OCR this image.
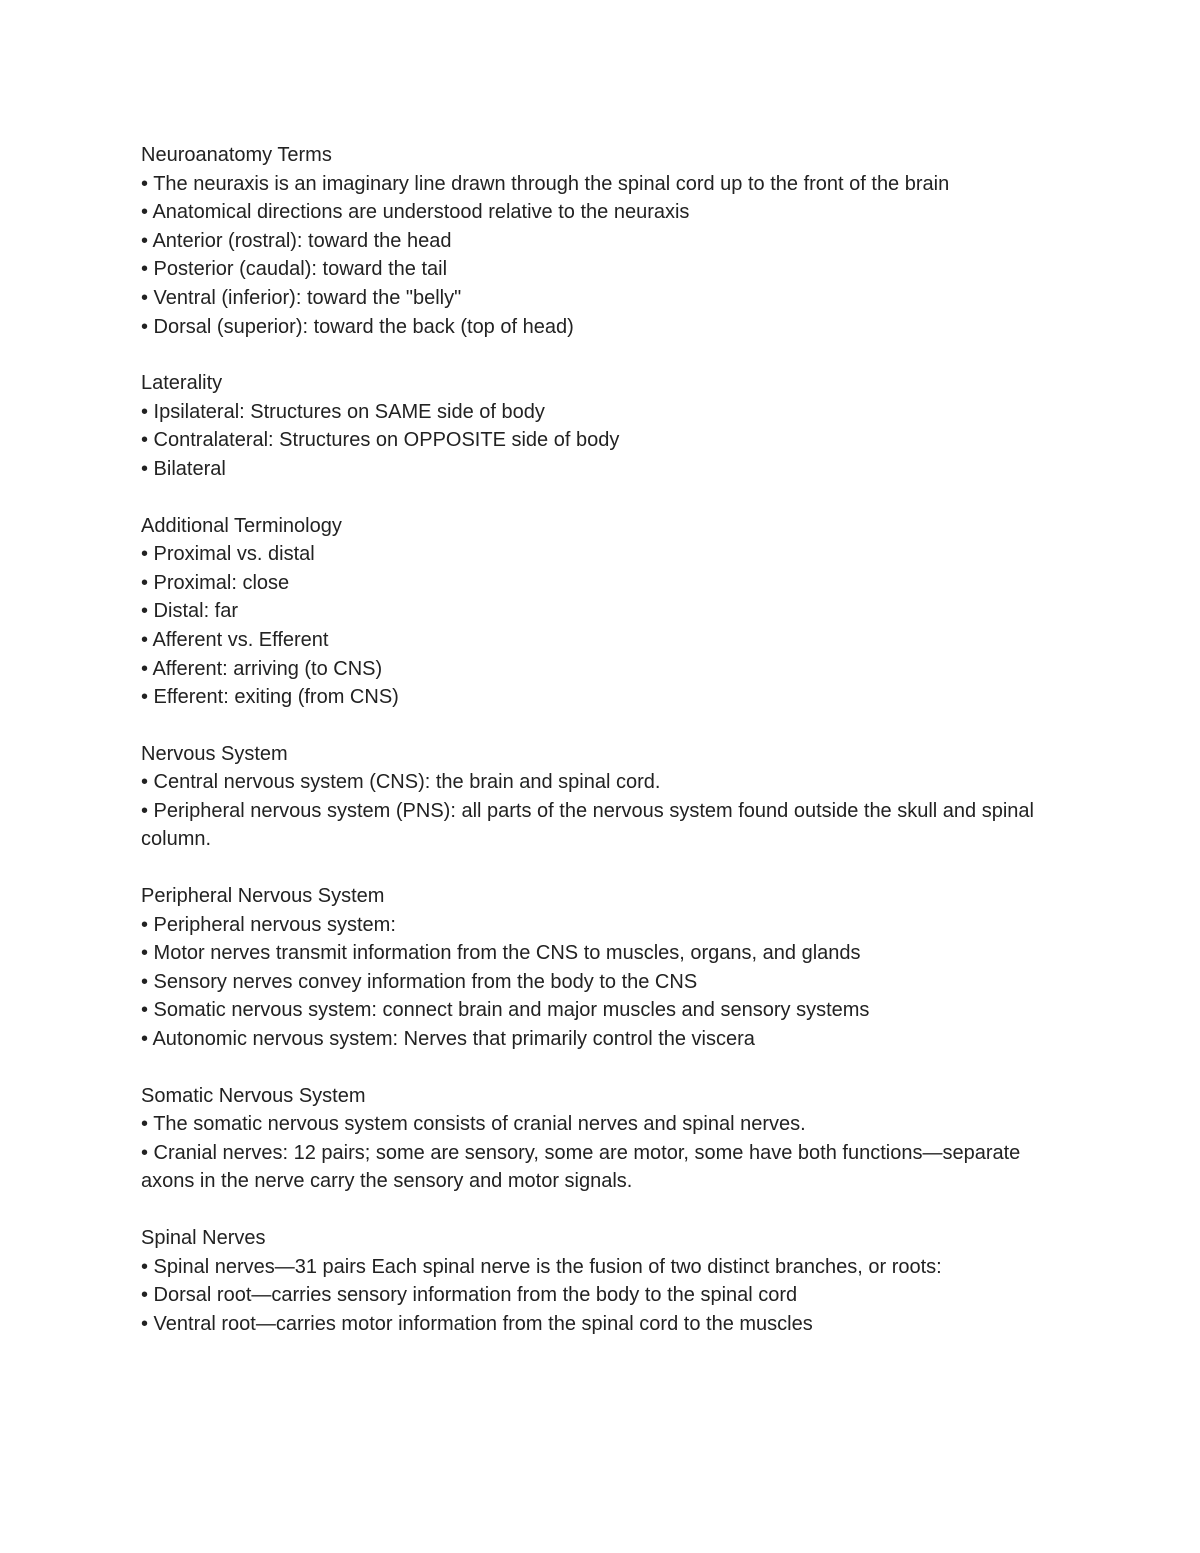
Neuroanatomy Terms
• The neuraxis is an imaginary line drawn through the spinal cord up to the front of the brain
• Anatomical directions are understood relative to the neuraxis
• Anterior (rostral): toward the head
• Posterior (caudal): toward the tail
• Ventral (inferior): toward the "belly"
• Dorsal (superior): toward the back (top of head)
Laterality
• Ipsilateral: Structures on SAME side of body
• Contralateral: Structures on OPPOSITE side of body
• Bilateral
Additional Terminology
• Proximal vs. distal
• Proximal: close
• Distal: far
• Afferent vs. Efferent
• Afferent: arriving (to CNS)
• Efferent: exiting (from CNS)
Nervous System
• Central nervous system (CNS): the brain and spinal cord.
• Peripheral nervous system (PNS): all parts of the nervous system found outside the skull and spinal column.
Peripheral Nervous System
• Peripheral nervous system:
• Motor nerves transmit information from the CNS to muscles, organs, and glands
• Sensory nerves convey information from the body to the CNS
• Somatic nervous system: connect brain and major muscles and sensory systems
• Autonomic nervous system: Nerves that primarily control the viscera
Somatic Nervous System
• The somatic nervous system consists of cranial nerves and spinal nerves.
• Cranial nerves: 12 pairs; some are sensory, some are motor, some have both functions—separate axons in the nerve carry the sensory and motor signals.
Spinal Nerves
• Spinal nerves—31 pairs Each spinal nerve is the fusion of two distinct branches, or roots:
• Dorsal root—carries sensory information from the body to the spinal cord
• Ventral root—carries motor information from the spinal cord to the muscles
